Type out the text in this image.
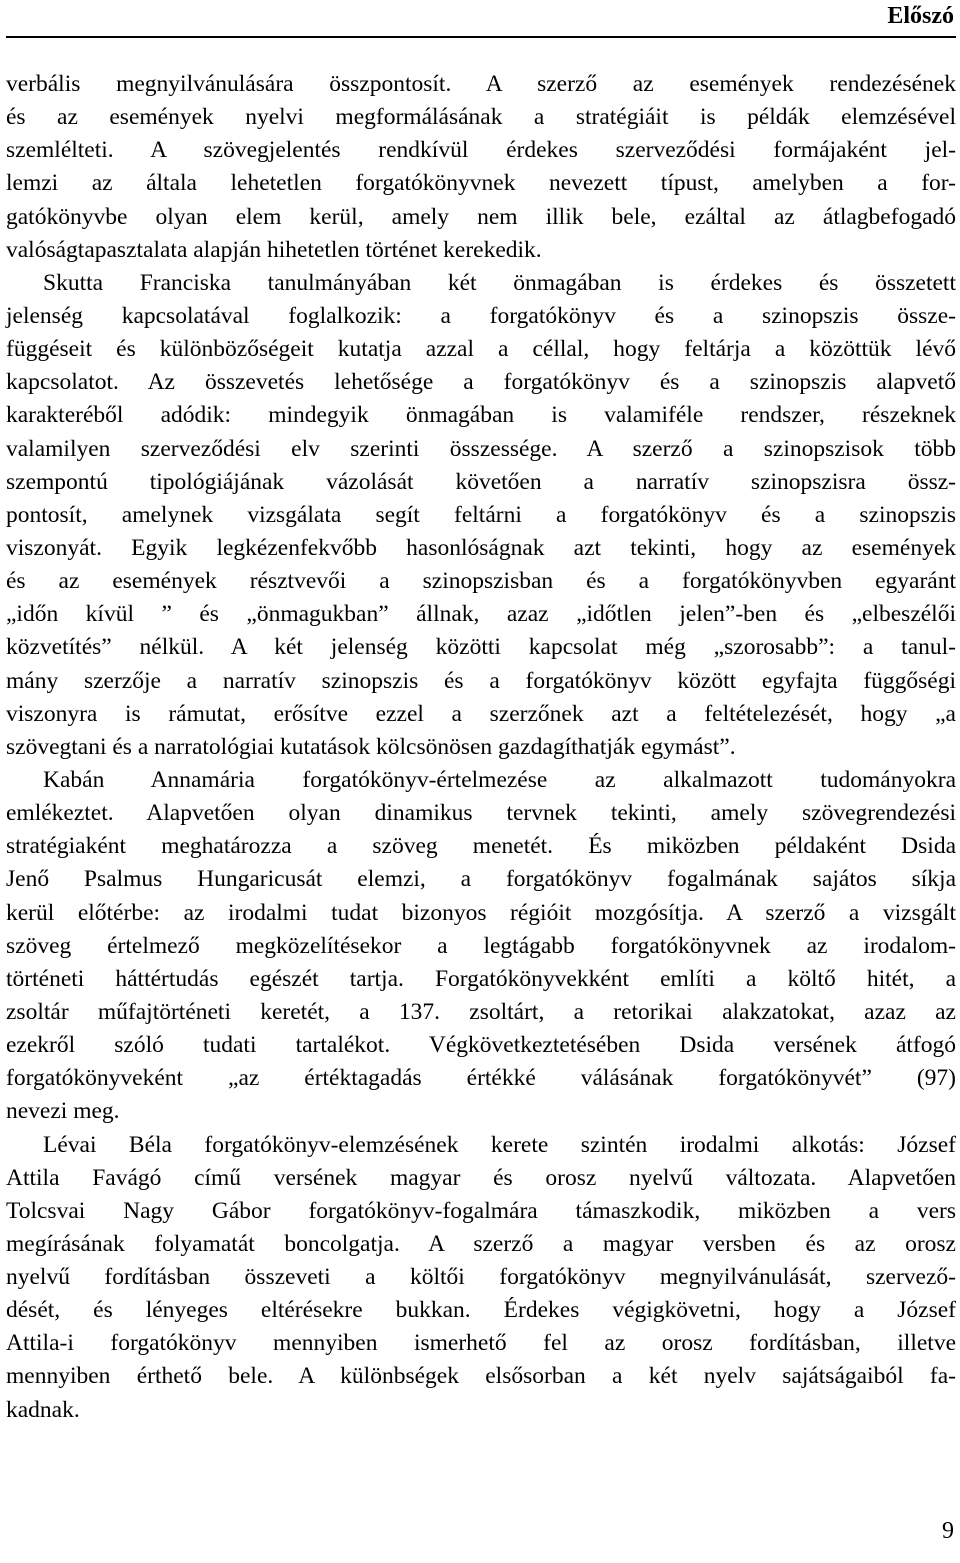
Előszó
verbális megnyilvánulására összpontosít. A szerző az események rendezésének
és az események nyelvi megformálásának a stratégiáit is példák elemzésével
szemlélteti. A szövegjelentés rendkívül érdekes szerveződési formájaként jel-
lemzi az általa lehetetlen forgatókönyvnek nevezett típust, amelyben a for-
gatókönyvbe olyan elem kerül, amely nem illik bele, ezáltal az átlagbefogadó
valóságtapasztalata alapján hihetetlen történet kerekedik.
Skutta Franciska tanulmányában két önmagában is érdekes és összetett
jelenség kapcsolatával foglalkozik: a forgatókönyv és a szinopszis össze-
függéseit és különbözőségeit kutatja azzal a céllal, hogy feltárja a közöttük lévő
kapcsolatot. Az összevetés lehetősége a forgatókönyv és a szinopszis alapvető
karakteréből adódik: mindegyik önmagában is valamiféle rendszer, részeknek
valamilyen szerveződési elv szerinti összessége. A szerző a szinopszisok több
szempontú tipológiájának vázolását követően a narratív szinopszisra össz-
pontosít, amelynek vizsgálata segít feltárni a forgatókönyv és a szinopszis
viszonyát. Egyik legkézenfekvőbb hasonlóságnak azt tekinti, hogy az események
és az események résztvevői a szinopszisban és a forgatókönyvben egyaránt
„időn kívül ” és „önmagukban” állnak, azaz „időtlen jelen”-ben és „elbeszélői
közvetítés” nélkül. A két jelenség közötti kapcsolat még „szorosabb”: a tanul-
mány szerzője a narratív szinopszis és a forgatókönyv között egyfajta függőségi
viszonyra is rámutat, erősítve ezzel a szerzőnek azt a feltételezését, hogy „a
szövegtani és a narratológiai kutatások kölcsönösen gazdagíthatják egymást”.
Kabán Annamária forgatókönyv-értelmezése az alkalmazott tudományokra
emlékeztet. Alapvetően olyan dinamikus tervnek tekinti, amely szövegrendezési
stratégiaként meghatározza a szöveg menetét. És miközben példaként Dsida
Jenő Psalmus Hungaricusát elemzi, a forgatókönyv fogalmának sajátos síkja
kerül előtérbe: az irodalmi tudat bizonyos régióit mozgósítja. A szerző a vizsgált
szöveg értelmező megközelítésekor a legtágabb forgatókönyvnek az irodalom-
történeti háttértudás egészét tartja. Forgatókönyvekként említi a költő hitét, a
zsoltár műfajtörténeti keretét, a 137. zsoltárt, a retorikai alakzatokat, azaz az
ezekről szóló tudati tartalékot. Végkövetkeztetésében Dsida versének átfogó
forgatókönyveként „az értéktagadás értékké válásának forgatókönyvét” (97)
nevezi meg.
Lévai Béla forgatókönyv-elemzésének kerete szintén irodalmi alkotás: József
Attila Favágó című versének magyar és orosz nyelvű változata. Alapvetően
Tolcsvai Nagy Gábor forgatókönyv-fogalmára támaszkodik, miközben a vers
megírásának folyamatát boncolgatja. A szerző a magyar versben és az orosz
nyelvű fordításban összeveti a költői forgatókönyv megnyilvánulását, szervező-
dését, és lényeges eltérésekre bukkan. Érdekes végigkövetni, hogy a József
Attila-i forgatókönyv mennyiben ismerhető fel az orosz fordításban, illetve
mennyiben érthető bele. A különbségek elsősorban a két nyelv sajátságaiból fa-
kadnak.
9
